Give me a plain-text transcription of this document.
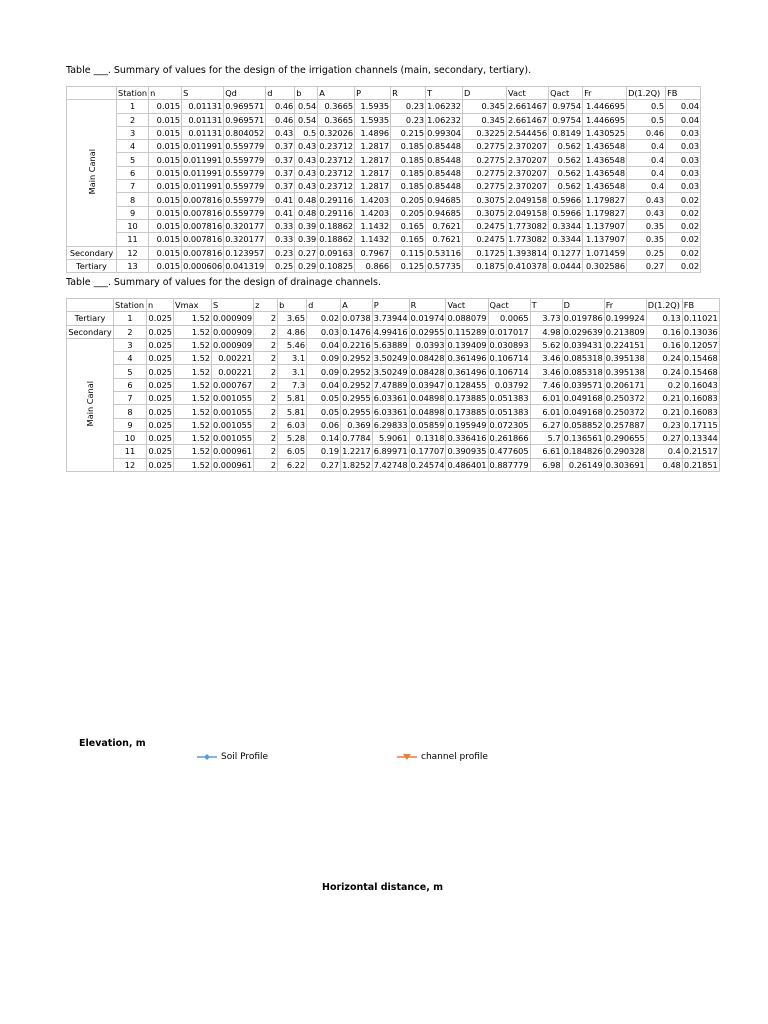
Table ___. Summary of values for the design of the irrigation channels (main, secondary, tertiary).
	Station	n	S	Qd	d	b	A	P	R	T	D	Vact	Qact	Fr	D(1.2Q)	FB
Main Canal	1	0.015	0.01131	0.969571	0.46	0.54	0.3665	1.5935	0.23	1.06232	0.345	2.661467	0.9754	1.446695	0.5	0.04
	2	0.015	0.01131	0.969571	0.46	0.54	0.3665	1.5935	0.23	1.06232	0.345	2.661467	0.9754	1.446695	0.5	0.04
	3	0.015	0.01131	0.804052	0.43	0.5	0.32026	1.4896	0.215	0.99304	0.3225	2.544456	0.8149	1.430525	0.46	0.03
	4	0.015	0.011991	0.559779	0.37	0.43	0.23712	1.2817	0.185	0.85448	0.2775	2.370207	0.562	1.436548	0.4	0.03
	5	0.015	0.011991	0.559779	0.37	0.43	0.23712	1.2817	0.185	0.85448	0.2775	2.370207	0.562	1.436548	0.4	0.03
	6	0.015	0.011991	0.559779	0.37	0.43	0.23712	1.2817	0.185	0.85448	0.2775	2.370207	0.562	1.436548	0.4	0.03
	7	0.015	0.011991	0.559779	0.37	0.43	0.23712	1.2817	0.185	0.85448	0.2775	2.370207	0.562	1.436548	0.4	0.03
	8	0.015	0.007816	0.559779	0.41	0.48	0.29116	1.4203	0.205	0.94685	0.3075	2.049158	0.5966	1.179827	0.43	0.02
	9	0.015	0.007816	0.559779	0.41	0.48	0.29116	1.4203	0.205	0.94685	0.3075	2.049158	0.5966	1.179827	0.43	0.02
	10	0.015	0.007816	0.320177	0.33	0.39	0.18862	1.1432	0.165	0.7621	0.2475	1.773082	0.3344	1.137907	0.35	0.02
	11	0.015	0.007816	0.320177	0.33	0.39	0.18862	1.1432	0.165	0.7621	0.2475	1.773082	0.3344	1.137907	0.35	0.02
Secondary	12	0.015	0.007816	0.123957	0.23	0.27	0.09163	0.7967	0.115	0.53116	0.1725	1.393814	0.1277	1.071459	0.25	0.02
Tertiary	13	0.015	0.000606	0.041319	0.25	0.29	0.10825	0.866	0.125	0.57735	0.1875	0.410378	0.0444	0.302586	0.27	0.02
Table ___. Summary of values for the design of drainage channels.
	Station	n	Vmax	S	z	b	d	A	P	R	Vact	Qact	T	D	Fr	D(1.2Q)	FB
Tertiary	1	0.025	1.52	0.000909	2	3.65	0.02	0.0738	3.73944	0.01974	0.088079	0.0065	3.73	0.019786	0.199924	0.13	0.11021
Secondary	2	0.025	1.52	0.000909	2	4.86	0.03	0.1476	4.99416	0.02955	0.115289	0.017017	4.98	0.029639	0.213809	0.16	0.13036
Main Canal	3	0.025	1.52	0.000909	2	5.46	0.04	0.2216	5.63889	0.0393	0.139409	0.030893	5.62	0.039431	0.224151	0.16	0.12057
	4	0.025	1.52	0.00221	2	3.1	0.09	0.2952	3.50249	0.08428	0.361496	0.106714	3.46	0.085318	0.395138	0.24	0.15468
	5	0.025	1.52	0.00221	2	3.1	0.09	0.2952	3.50249	0.08428	0.361496	0.106714	3.46	0.085318	0.395138	0.24	0.15468
	6	0.025	1.52	0.000767	2	7.3	0.04	0.2952	7.47889	0.03947	0.128455	0.03792	7.46	0.039571	0.206171	0.2	0.16043
	7	0.025	1.52	0.001055	2	5.81	0.05	0.2955	6.03361	0.04898	0.173885	0.051383	6.01	0.049168	0.250372	0.21	0.16083
	8	0.025	1.52	0.001055	2	5.81	0.05	0.2955	6.03361	0.04898	0.173885	0.051383	6.01	0.049168	0.250372	0.21	0.16083
	9	0.025	1.52	0.001055	2	6.03	0.06	0.369	6.29833	0.05859	0.195949	0.072305	6.27	0.058852	0.257887	0.23	0.17115
	10	0.025	1.52	0.001055	2	5.28	0.14	0.7784	5.9061	0.1318	0.336416	0.261866	5.7	0.136561	0.290655	0.27	0.13344
	11	0.025	1.52	0.000961	2	6.05	0.19	1.2217	6.89971	0.17707	0.390935	0.477605	6.61	0.184826	0.290328	0.4	0.21517
	12	0.025	1.52	0.000961	2	6.22	0.27	1.8252	7.42748	0.24574	0.486401	0.887779	6.98	0.26149	0.303691	0.48	0.21851
Elevation, m
Soil Profile	channel profile
Horizontal distance, m
